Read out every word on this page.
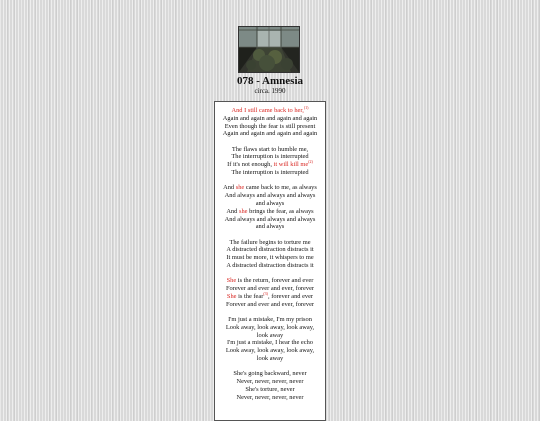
078 - Amnesia
circa. 1990
And I still came back to her,$^{(1)}$
Again and again and again and again
Even though the fear is still present
Again and again and again and again
The flaws start to humble me,
The interruption is interrupted
If it's not enough, it will kill $me^{(2)}$
The interruption is interrupted
And she came back to me, as always
And always and always and always
and always
And she brings the fear, as always
And always and always and always
and always
The failure begins to torture me
A distracted distraction distracts it
It must be more, it whispers to me
A distracted distraction distracts it
She is the return, forever and ever
Forever and ever and ever, forever
She is the fear$^{(3)}$, forever and ever
Forever and ever and ever, forever
I'm just a mistake, I'm my prison
Look away, look away, look away,
look away
I'm just a mistake, I hear the echo
Look away, look away, look away,
look away
She's going backward, never
Never, never, never, never
She's torture, never
Never, never, never, never
